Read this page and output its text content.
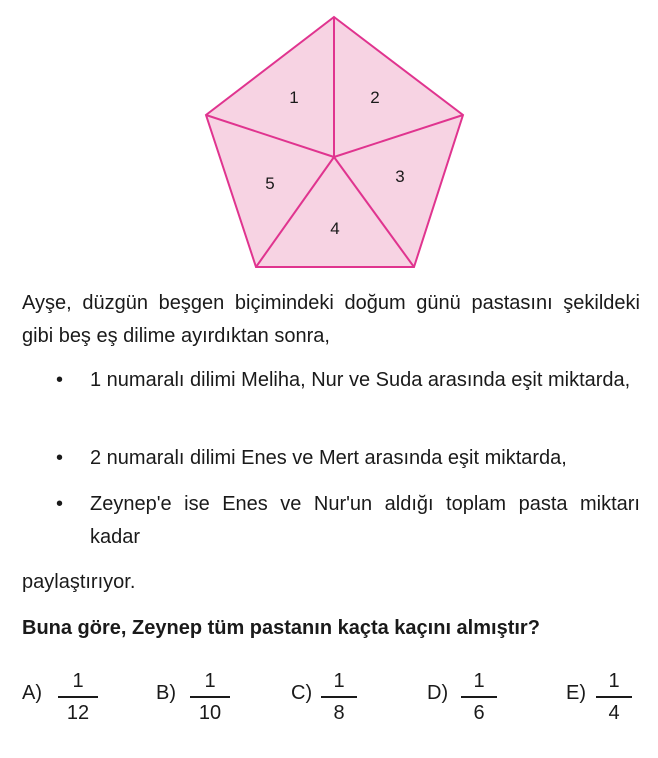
1	2
3
4
5

Ayşe, düzgün beşgen biçimindeki doğum günü pastasını şekildeki gibi beş eş dilime ayırdıktan sonra,

• 1 numaralı dilimi Meliha, Nur ve Suda arasında eşit miktarda,
• 2 numaralı dilimi Enes ve Mert arasında eşit miktarda,
• Zeynep'e ise Enes ve Nur'un aldığı toplam pasta miktarı kadar

paylaştırıyor.

Buna göre, Zeynep tüm pastanın kaçta kaçını almıştır?

A)
1
12
B)
1
10
C)
1
8
D)
1
6
E)
1
4
